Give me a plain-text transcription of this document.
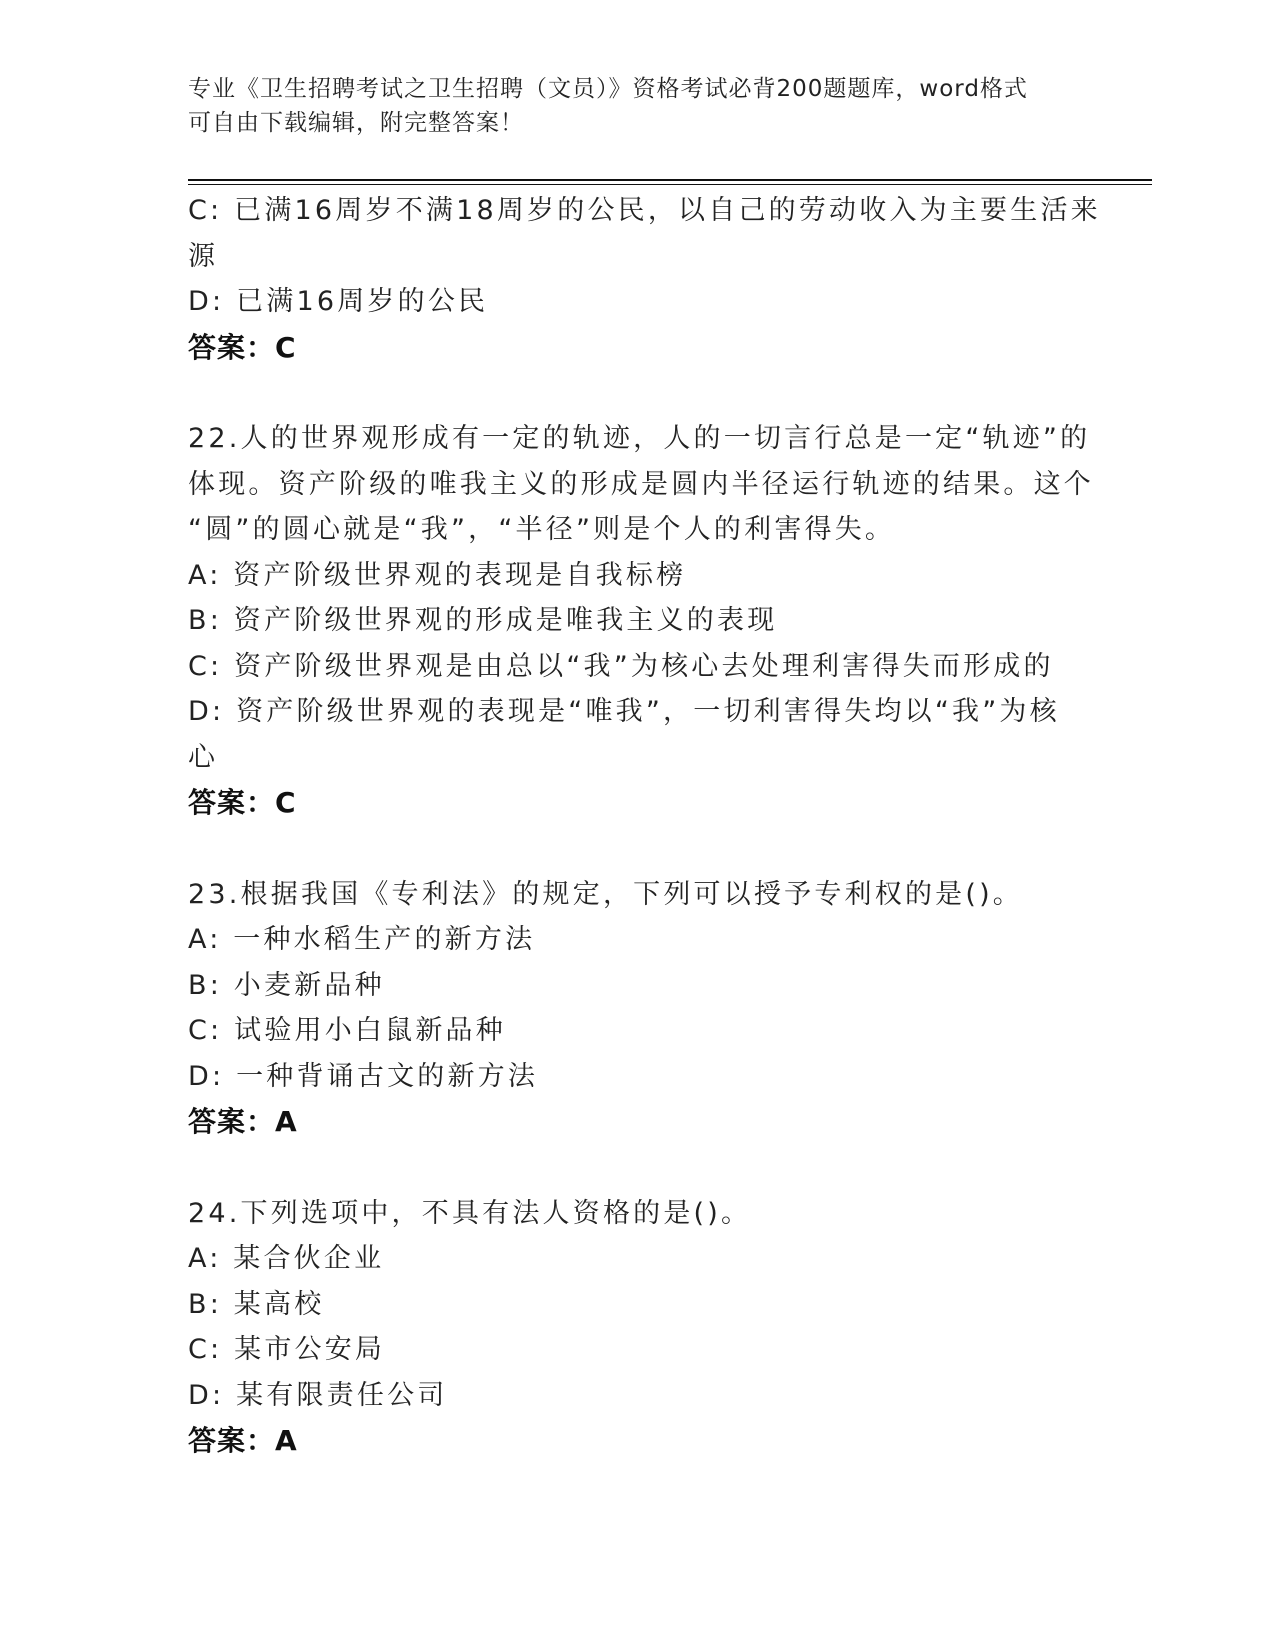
专业《卫生招聘考试之卫生招聘（文员）》资格考试必背200题题库，word格式
可自由下载编辑，附完整答案！
C: 已满16周岁不满18周岁的公民，以自己的劳动收入为主要生活来
源
D: 已满16周岁的公民
答案：C
22.人的世界观形成有一定的轨迹，人的一切言行总是一定“轨迹”的
体现。资产阶级的唯我主义的形成是圆内半径运行轨迹的结果。这个
“圆”的圆心就是“我”，“半径”则是个人的利害得失。
A: 资产阶级世界观的表现是自我标榜
B: 资产阶级世界观的形成是唯我主义的表现
C: 资产阶级世界观是由总以“我”为核心去处理利害得失而形成的
D: 资产阶级世界观的表现是“唯我”，一切利害得失均以“我”为核
心
答案：C
23.根据我国《专利法》的规定，下列可以授予专利权的是()。
A: 一种水稻生产的新方法
B: 小麦新品种
C: 试验用小白鼠新品种
D: 一种背诵古文的新方法
答案：A
24.下列选项中，不具有法人资格的是()。
A: 某合伙企业
B: 某高校
C: 某市公安局
D: 某有限责任公司
答案：A
